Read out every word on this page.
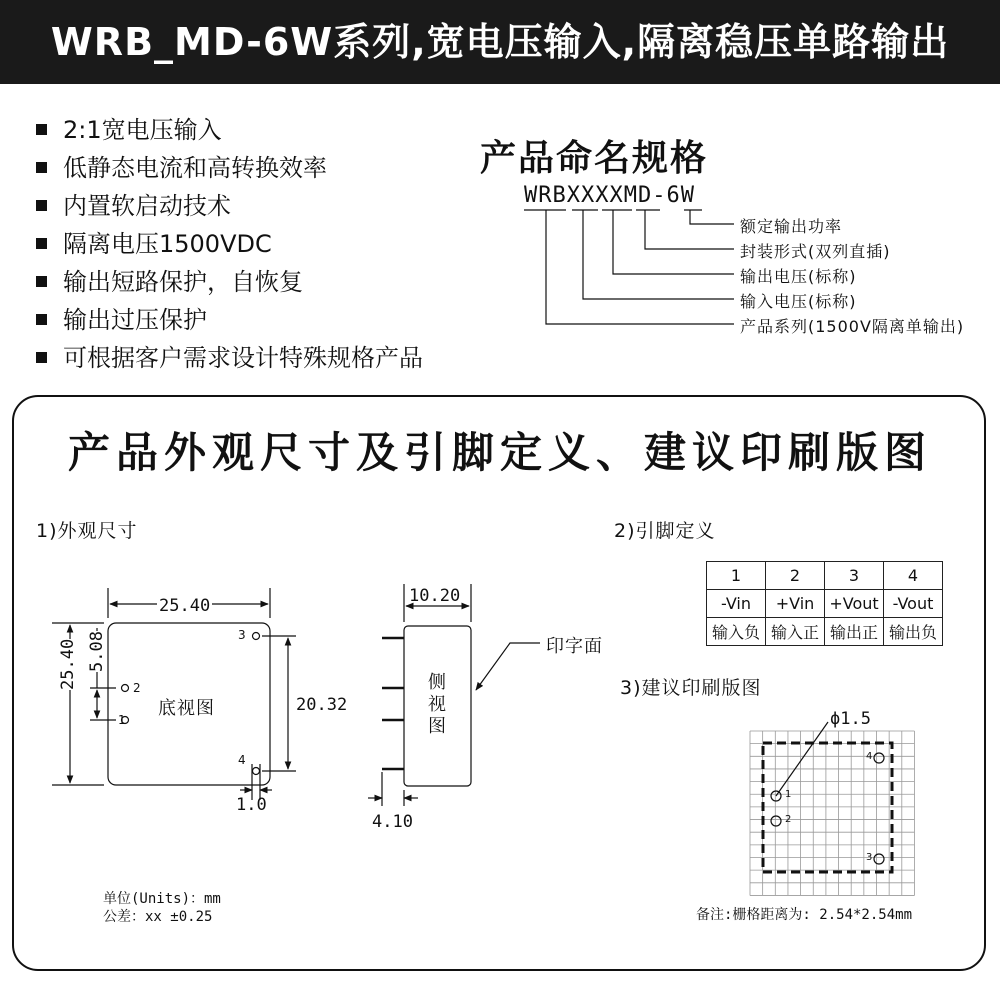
WRB_MD-6W系列,宽电压输入,隔离稳压单路输出
2:1宽电压输入
低静态电流和高转换效率
内置软启动技术
隔离电压1500VDC
输出短路保护，自恢复
输出过压保护
可根据客户需求设计特殊规格产品
产品命名规格
WRBXXXXMD-6W
额定输出功率
封装形式(双列直插)
输出电压(标称)
输入电压(标称)
产品系列(1500V隔离单输出)
产品外观尺寸及引脚定义、建议印刷版图
1)外观尺寸	2)引脚定义
3)建议印刷版图
25.40
25.40 5.08
20.32
1.0
10.20
4.10
底视图
侧视图
印字面
1
2
3
4
单位(Units)：mm
公差：xx ±0.25
1	2	3	4
-Vin	+Vin	+Vout	-Vout
输入负	输入正	输出正	输出负
ϕ1.5
1
2
3
4
备注:栅格距离为: 2.54*2.54mm
